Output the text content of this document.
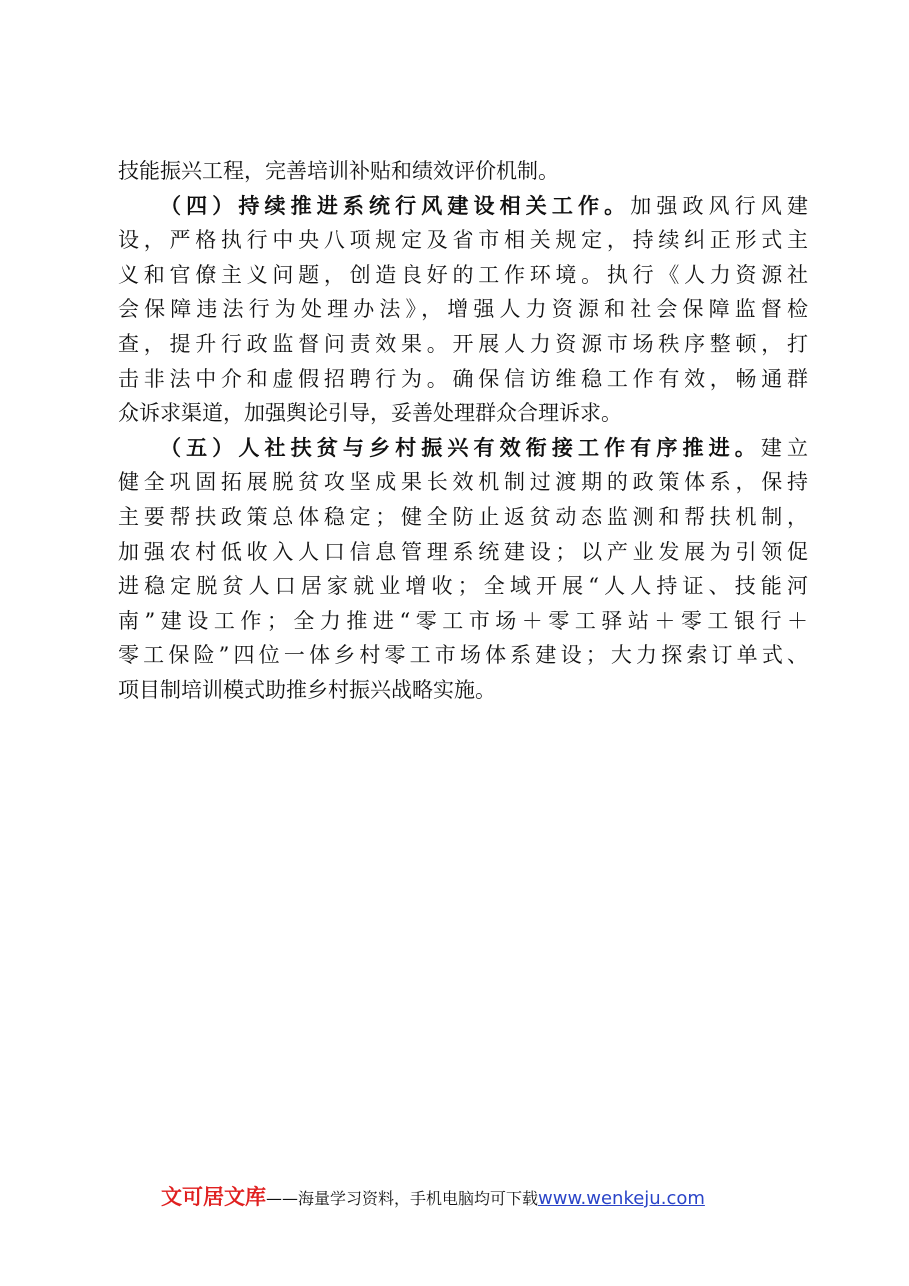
技能振兴工程，完善培训补贴和绩效评价机制。
（四）持续推进系统行风建设相关工作。加强政风行风建
设，严格执行中央八项规定及省市相关规定，持续纠正形式主
义和官僚主义问题，创造良好的工作环境。执行《人力资源社
会保障违法行为处理办法》，增强人力资源和社会保障监督检
查，提升行政监督问责效果。开展人力资源市场秩序整顿，打
击非法中介和虚假招聘行为。确保信访维稳工作有效，畅通群
众诉求渠道，加强舆论引导，妥善处理群众合理诉求。
（五）人社扶贫与乡村振兴有效衔接工作有序推进。建立
健全巩固拓展脱贫攻坚成果长效机制过渡期的政策体系，保持
主要帮扶政策总体稳定；健全防止返贫动态监测和帮扶机制，
加强农村低收入人口信息管理系统建设；以产业发展为引领促
进稳定脱贫人口居家就业增收；全域开展“人人持证、技能河
南”建设工作；全力推进“零工市场＋零工驿站＋零工银行＋
零工保险”四位一体乡村零工市场体系建设；大力探索订单式、
项目制培训模式助推乡村振兴战略实施。
文可居文库——海量学习资料，手机电脑均可下载www.wenkeju.com
